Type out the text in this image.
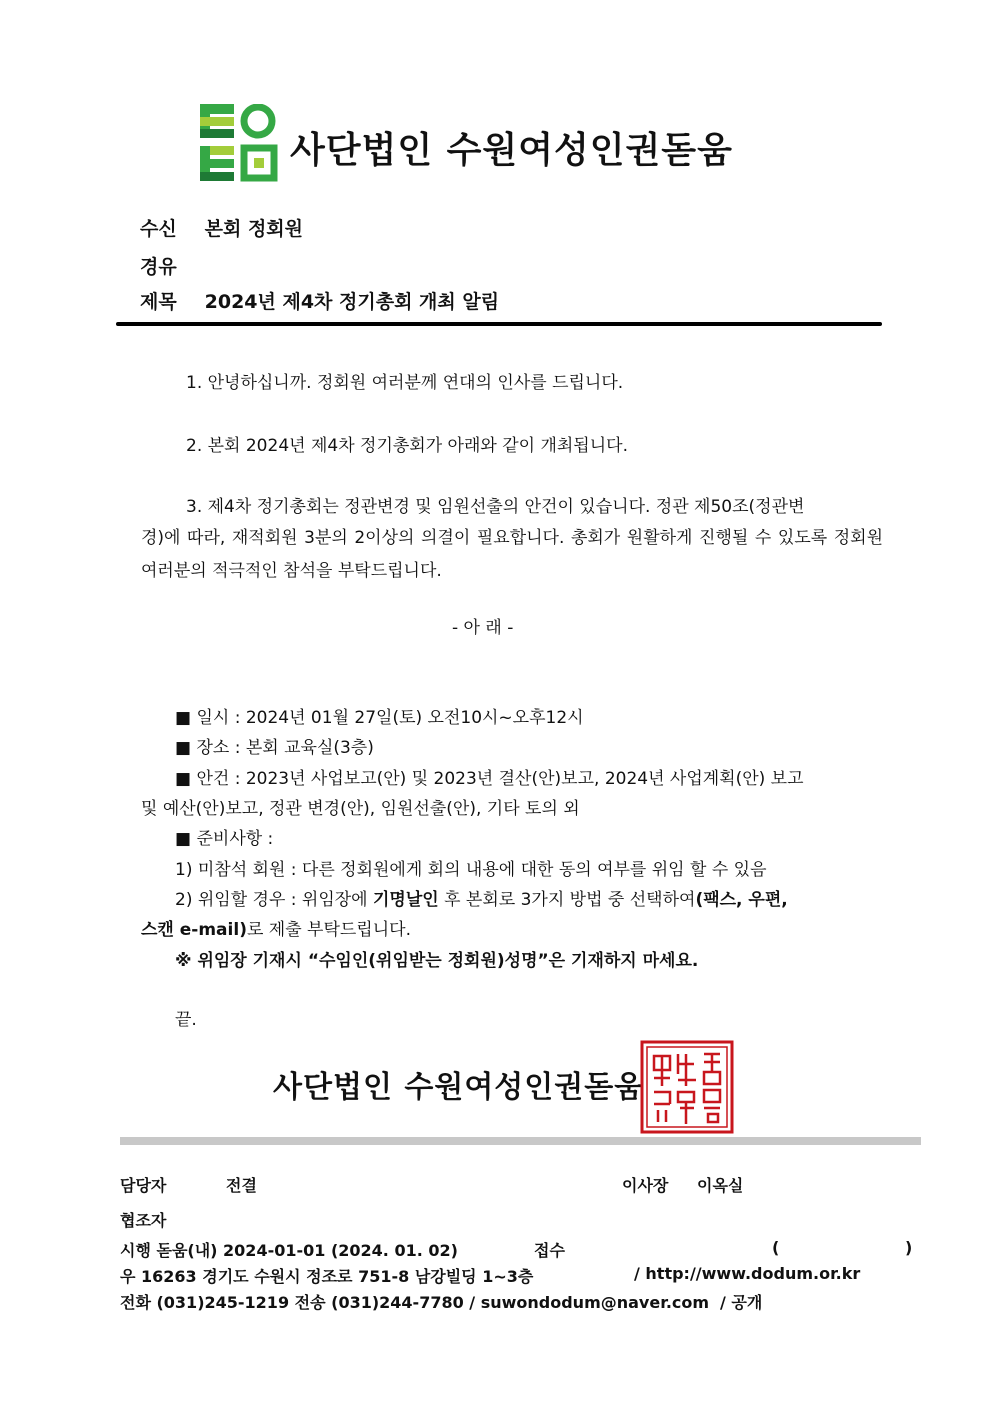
사단법인 수원여성인권돋움
수신 본회 정회원
경유
제목 2024년 제4차 정기총회 개최 알림
1. 안녕하십니까. 정회원 여러분께 연대의 인사를 드립니다.
2. 본회 2024년 제4차 정기총회가 아래와 같이 개최됩니다.
3. 제4차 정기총회는 정관변경 및 임원선출의 안건이 있습니다. 정관 제50조(정관변
경)에 따라, 재적회원 3분의 2이상의 의결이 필요합니다. 총회가 원활하게 진행될 수 있도록 정회원 여러분의 적극적인 참석을 부탁드립니다.
- 아 래 -
■ 일시 : 2024년 01월 27일(토) 오전10시~오후12시
■ 장소 : 본회 교육실(3층)
■ 안건 : 2023년 사업보고(안) 및 2023년 결산(안)보고, 2024년 사업계획(안) 보고
및 예산(안)보고, 정관 변경(안), 임원선출(안), 기타 토의 외
■ 준비사항 :
1) 미참석 회원 : 다른 정회원에게 회의 내용에 대한 동의 여부를 위임 할 수 있음
2) 위임할 경우 : 위임장에 기명날인 후 본회로 3가지 방법 중 선택하여(팩스, 우편,
스캔 e-mail)로 제출 부탁드립니다.
※ 위임장 기재시 “수임인(위임받는 정회원)성명”은 기재하지 마세요.
끝.
사단법인 수원여성인권돋움
담당자	전결	이사장 이옥실
협조자
시행 돋움(내) 2024-01-01 (2024. 01. 02)	접수	(	)
우 16263 경기도 수원시 정조로 751-8 남강빌딩 1~3층	/ http://www.dodum.or.kr
전화 (031)245-1219 전송 (031)244-7780 / suwondodum@naver.com / 공개
